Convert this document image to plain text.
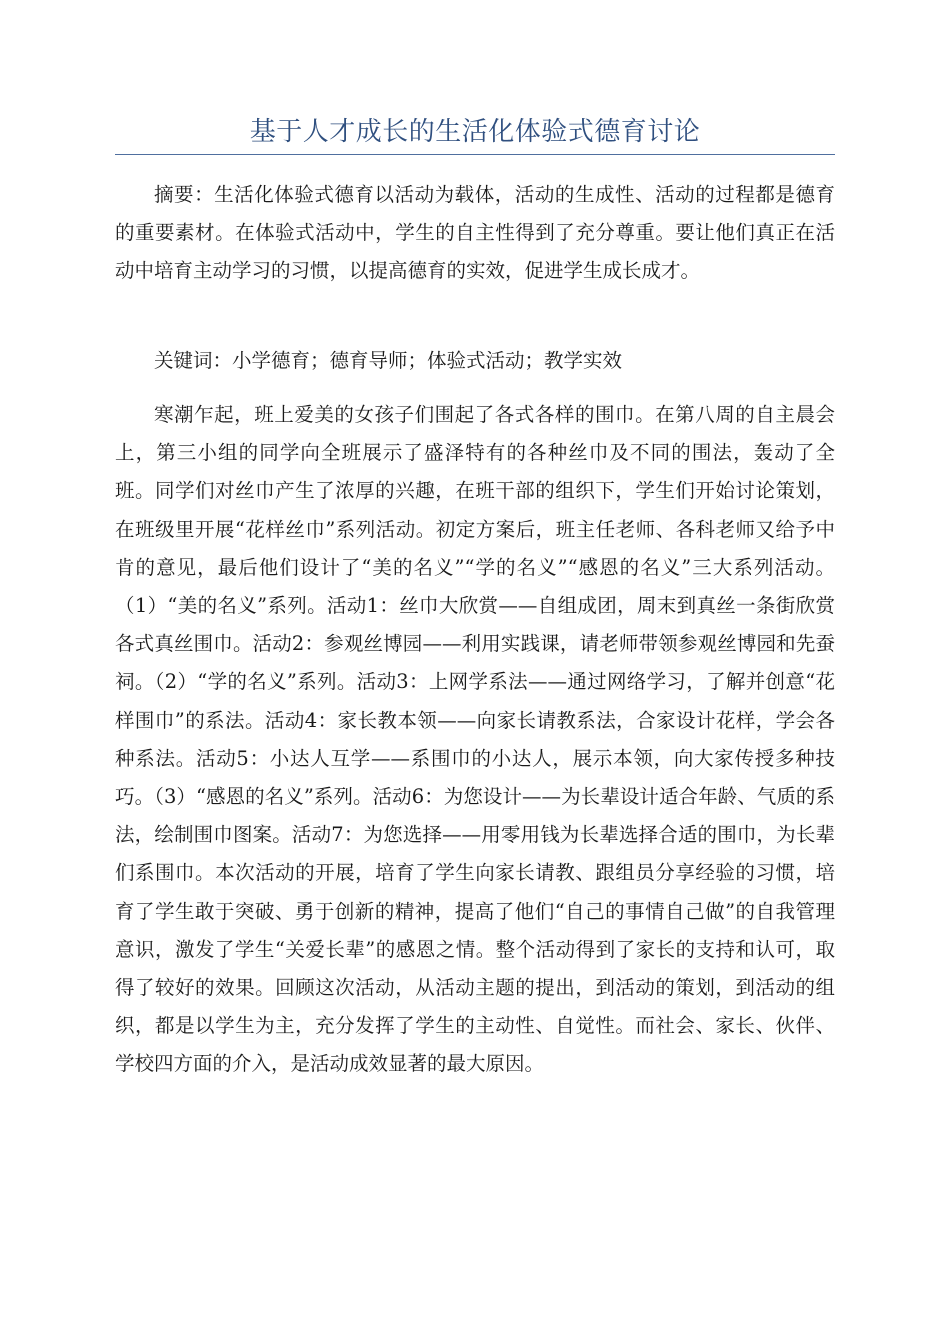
基于人才成长的生活化体验式德育讨论

摘要：生活化体验式德育以活动为载体，活动的生成性、活动的过程都是德育的重要素材。在体验式活动中，学生的自主性得到了充分尊重。要让他们真正在活动中培育主动学习的习惯，以提高德育的实效，促进学生成长成才。

关键词：小学德育；德育导师；体验式活动；教学实效

寒潮乍起，班上爱美的女孩子们围起了各式各样的围巾。在第八周的自主晨会上，第三小组的同学向全班展示了盛泽特有的各种丝巾及不同的围法，轰动了全班。同学们对丝巾产生了浓厚的兴趣，在班干部的组织下，学生们开始讨论策划，在班级里开展“花样丝巾”系列活动。初定方案后，班主任老师、各科老师又给予中肯的意见，最后他们设计了“美的名义”“学的名义”“感恩的名义”三大系列活动。（1）“美的名义”系列。活动1：丝巾大欣赏——自组成团，周末到真丝一条街欣赏各式真丝围巾。活动2：参观丝博园——利用实践课，请老师带领参观丝博园和先蚕祠。（2）“学的名义”系列。活动3：上网学系法——通过网络学习，了解并创意“花样围巾”的系法。活动4：家长教本领——向家长请教系法，合家设计花样，学会各种系法。活动5：小达人互学——系围巾的小达人，展示本领，向大家传授多种技巧。（3）“感恩的名义”系列。活动6：为您设计——为长辈设计适合年龄、气质的系法，绘制围巾图案。活动7：为您选择——用零用钱为长辈选择合适的围巾，为长辈们系围巾。本次活动的开展，培育了学生向家长请教、跟组员分享经验的习惯，培育了学生敢于突破、勇于创新的精神，提高了他们“自己的事情自己做”的自我管理意识，激发了学生“关爱长辈”的感恩之情。整个活动得到了家长的支持和认可，取得了较好的效果。回顾这次活动，从活动主题的提出，到活动的策划，到活动的组织，都是以学生为主，充分发挥了学生的主动性、自觉性。而社会、家长、伙伴、学校四方面的介入，是活动成效显著的最大原因。
